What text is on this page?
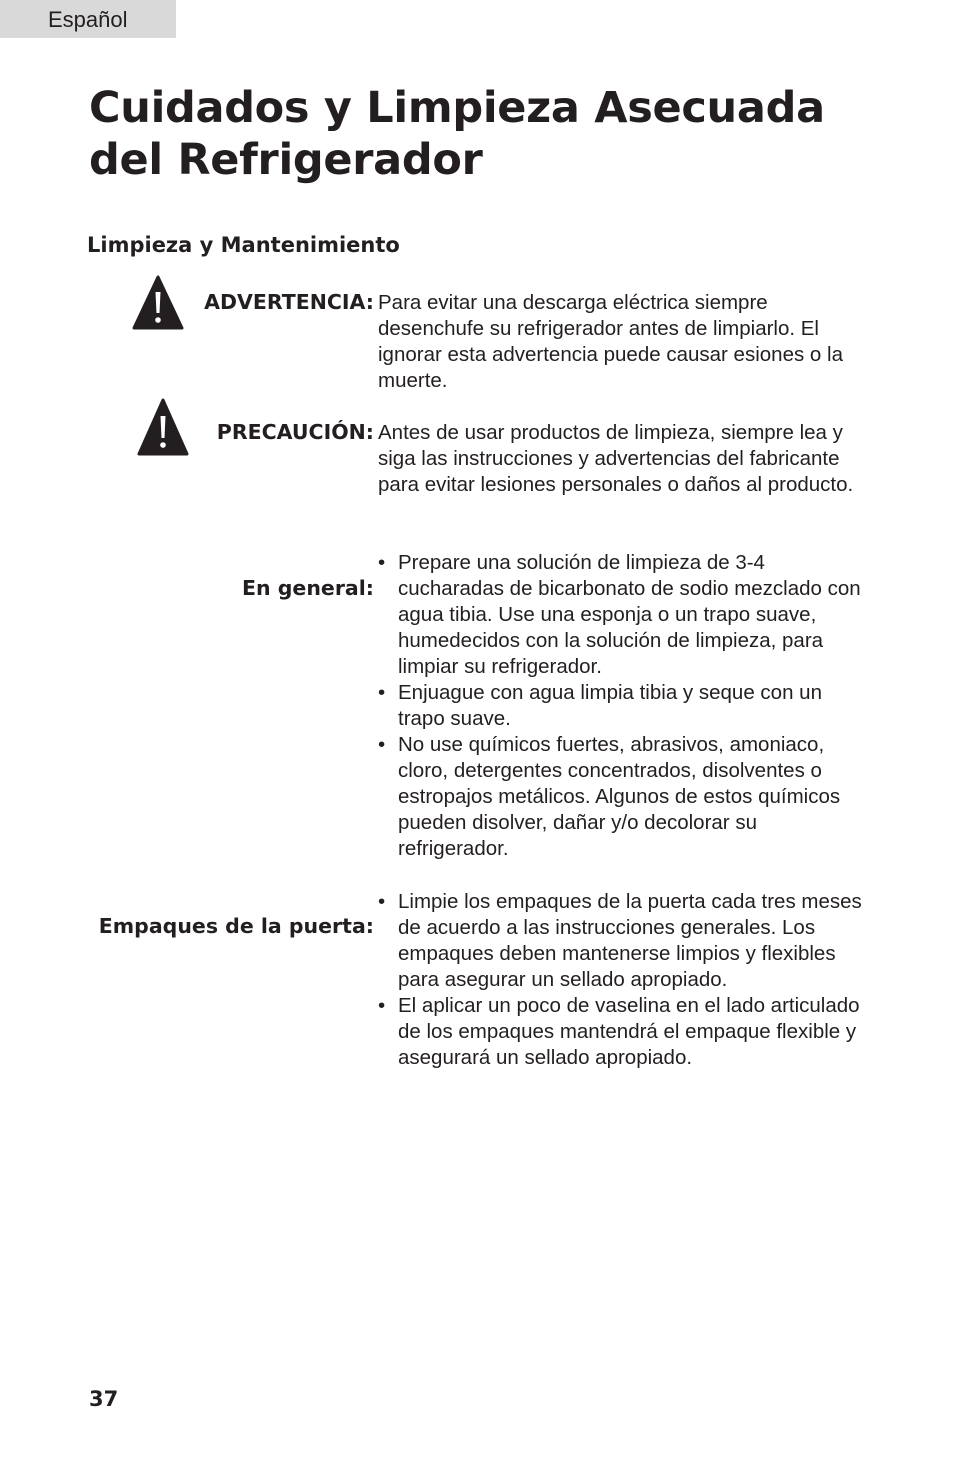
Español
Cuidados y Limpieza Asecuada del Refrigerador
Limpieza y Mantenimiento
ADVERTENCIA: Para evitar una descarga eléctrica siempre desenchufe su refrigerador antes de limpiarlo. El ignorar esta advertencia puede causar esiones o la muerte.

PRECAUCIÓN: Antes de usar productos de limpieza, siempre lea y siga las instrucciones y advertencias del fabricante para evitar lesiones personales o daños al producto.

En general:
• Prepare una solución de limpieza de 3-4 cucharadas de bicarbonato de sodio mezclado con agua tibia. Use una esponja o un trapo suave, humedecidos con la solución de limpieza, para limpiar su refrigerador.
• Enjuague con agua limpia tibia y seque con un trapo suave.
• No use químicos fuertes, abrasivos, amoniaco, cloro, detergentes concentrados, disolventes o estropajos metálicos. Algunos de estos químicos pueden disolver, dañar y/o decolorar su refrigerador.
Empaques de la puerta:
• Limpie los empaques de la puerta cada tres meses de acuerdo a las instrucciones generales. Los empaques deben mantenerse limpios y flexibles para asegurar un sellado apropiado.
• El aplicar un poco de vaselina en el lado articulado de los empaques mantendrá el empaque flexible y asegurará un sellado apropiado.
37
